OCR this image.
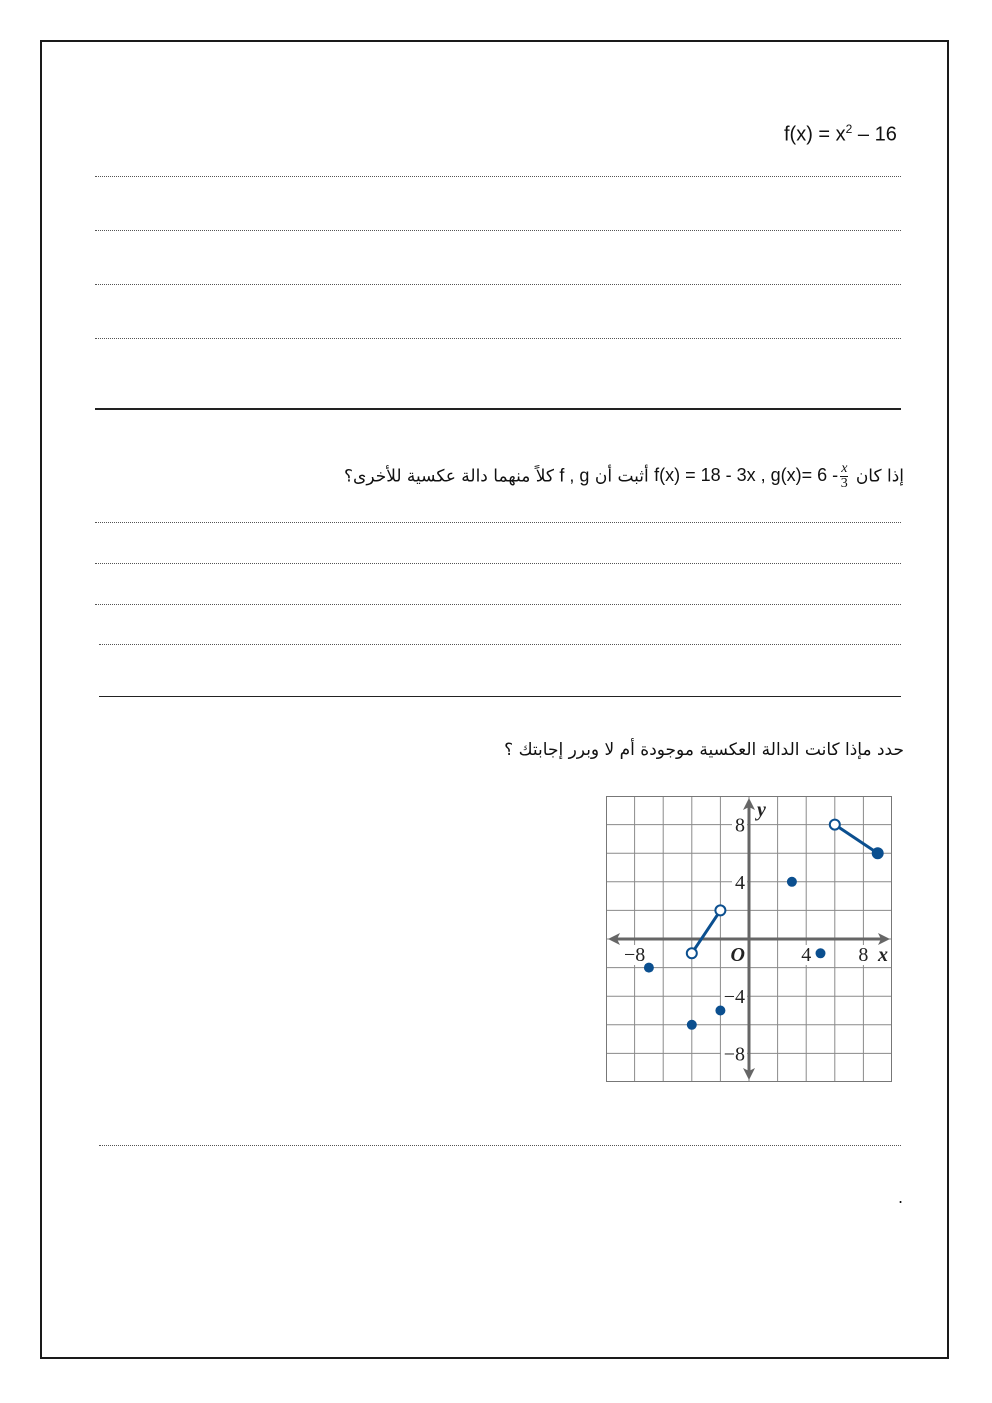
$f(x) = x^2 - 16$
إذا كان f(x) = 18 - 3x , $g(x)= 6 - \frac{x}{3}$
أثبت أن f , g كلاً منهما دالة عكسية للأخرى؟
حدد مإذا كانت الدالة العكسية موجودة أم لا وبرر إجابتك ؟
−8	4 8
8
4
−4
−8
O	x
y
.
